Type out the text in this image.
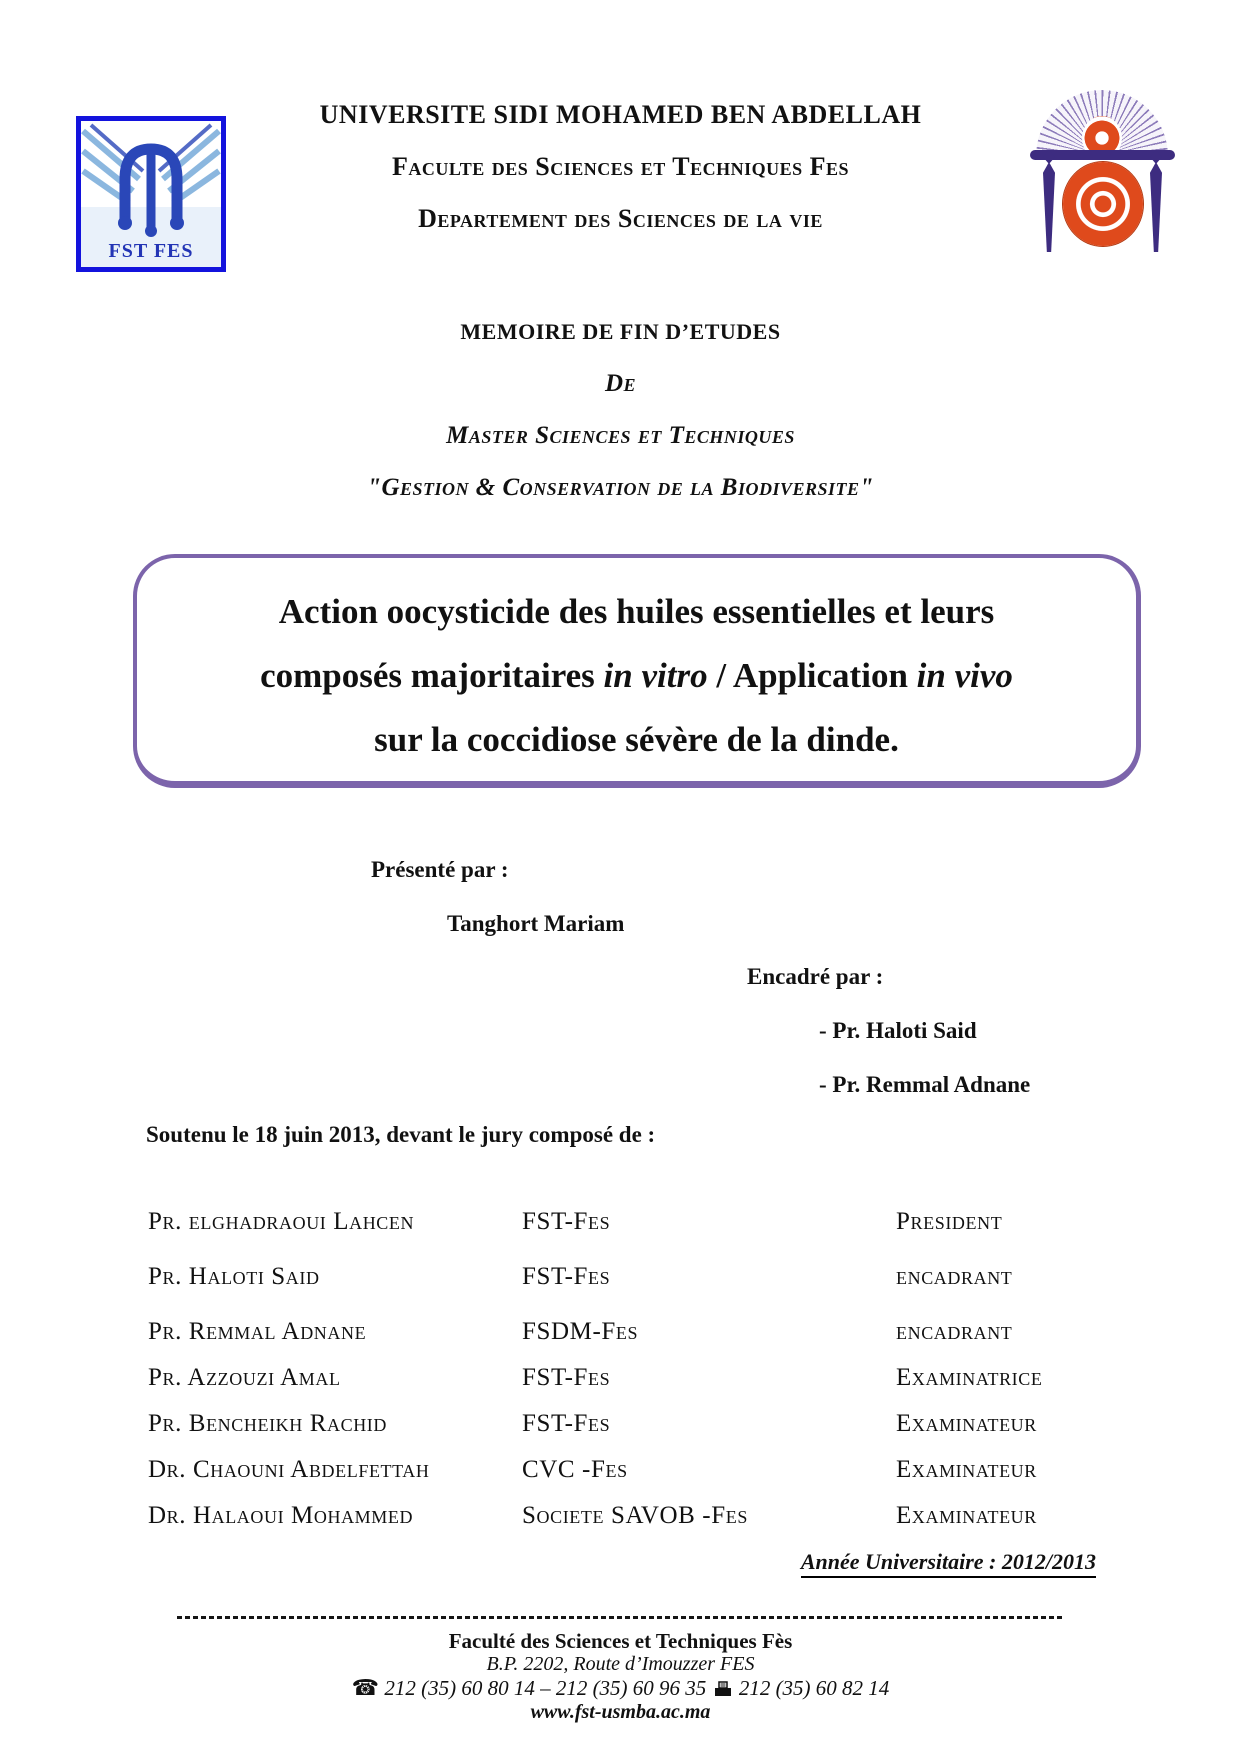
FST FES
UNIVERSITE SIDI MOHAMED BEN ABDELLAH
Faculte des Sciences et Techniques Fes
Departement des Sciences de la vie
MEMOIRE DE FIN D’ETUDES
De
Master Sciences et Techniques
"Gestion & Conservation de la Biodiversite"
Action oocysticide des huiles essentielles et leurs
composés majoritaires in vitro / Application in vivo
sur la coccidiose sévère de la dinde.
Présenté par :
Tanghort Mariam
Encadré par :
- Pr. Haloti Said
- Pr. Remmal Adnane
Soutenu le 18 juin 2013, devant le jury composé de :
Pr. elghadraoui Lahcen	FST-Fes	President
Pr. Haloti Said	FST-Fes	encadrant
Pr. Remmal Adnane	FSDM-Fes	encadrant
Pr. Azzouzi Amal	FST-Fes	Examinatrice
Pr. Bencheikh Rachid	FST-Fes	Examinateur
Dr. Chaouni Abdelfettah	CVC -Fes	Examinateur
Dr. Halaoui Mohammed	Societe SAVOB -Fes	Examinateur
Année Universitaire : 2012/2013
Faculté des Sciences et Techniques Fès
B.P. 2202, Route d’Imouzzer FES
☎ 212 (35) 60 80 14 – 212 (35) 60 96 35 212 (35) 60 82 14
www.fst-usmba.ac.ma
